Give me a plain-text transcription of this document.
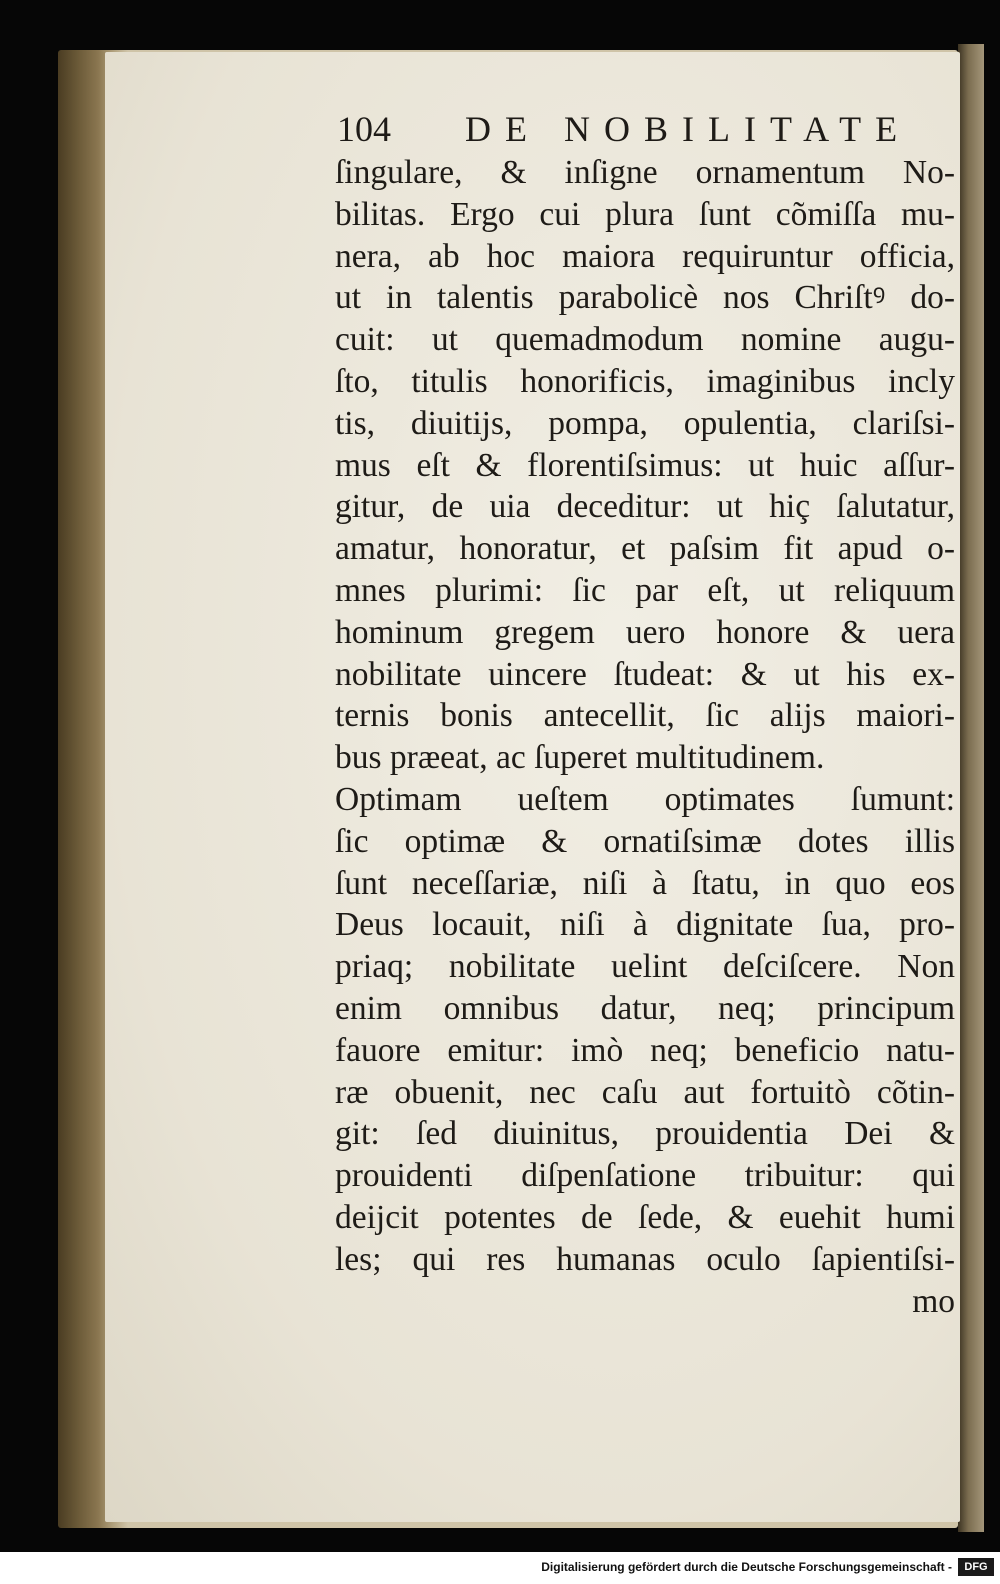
104 DE NOBILITATE
ſingulare, & inſigne ornamentum No-
bilitas. Ergo cui plura ſunt cõmiſſa mu-
nera, ab hoc maiora requiruntur officia,
ut in talentis parabolicè nos Chriſtꝰ do-
cuit: ut quemadmodum nomine augu-
ſto, titulis honorificis, imaginibus incly
tis, diuitijs, pompa, opulentia, clariſsi-
mus eſt & florentiſsimus: ut huic aſſur-
gitur, de uia deceditur: ut hiç ſalutatur,
amatur, honoratur, et paſsim fit apud o-
mnes plurimi: ſic par eſt, ut reliquum
hominum gregem uero honore & uera
nobilitate uincere ſtudeat: & ut his ex-
ternis bonis antecellit, ſic alijs maiori-
bus præeat, ac ſuperet multitudinem.
Optimam ueſtem optimates ſumunt:
ſic optimæ & ornatiſsimæ dotes illis
ſunt neceſſariæ, niſi à ſtatu, in quo eos
Deus locauit, niſi à dignitate ſua, pro-
priaq; nobilitate uelint deſciſcere. Non
enim omnibus datur, neq; principum
fauore emitur: imò neq; beneficio natu-
ræ obuenit, nec caſu aut fortuitò cõtin-
git: ſed diuinitus, prouidentia Dei &
prouidenti diſpenſatione tribuitur: qui
deijcit potentes de ſede, & euehit humi
les; qui res humanas oculo ſapientiſsi-
mo
Digitalisierung gefördert durch die Deutsche Forschungsgemeinschaft -	DFG
